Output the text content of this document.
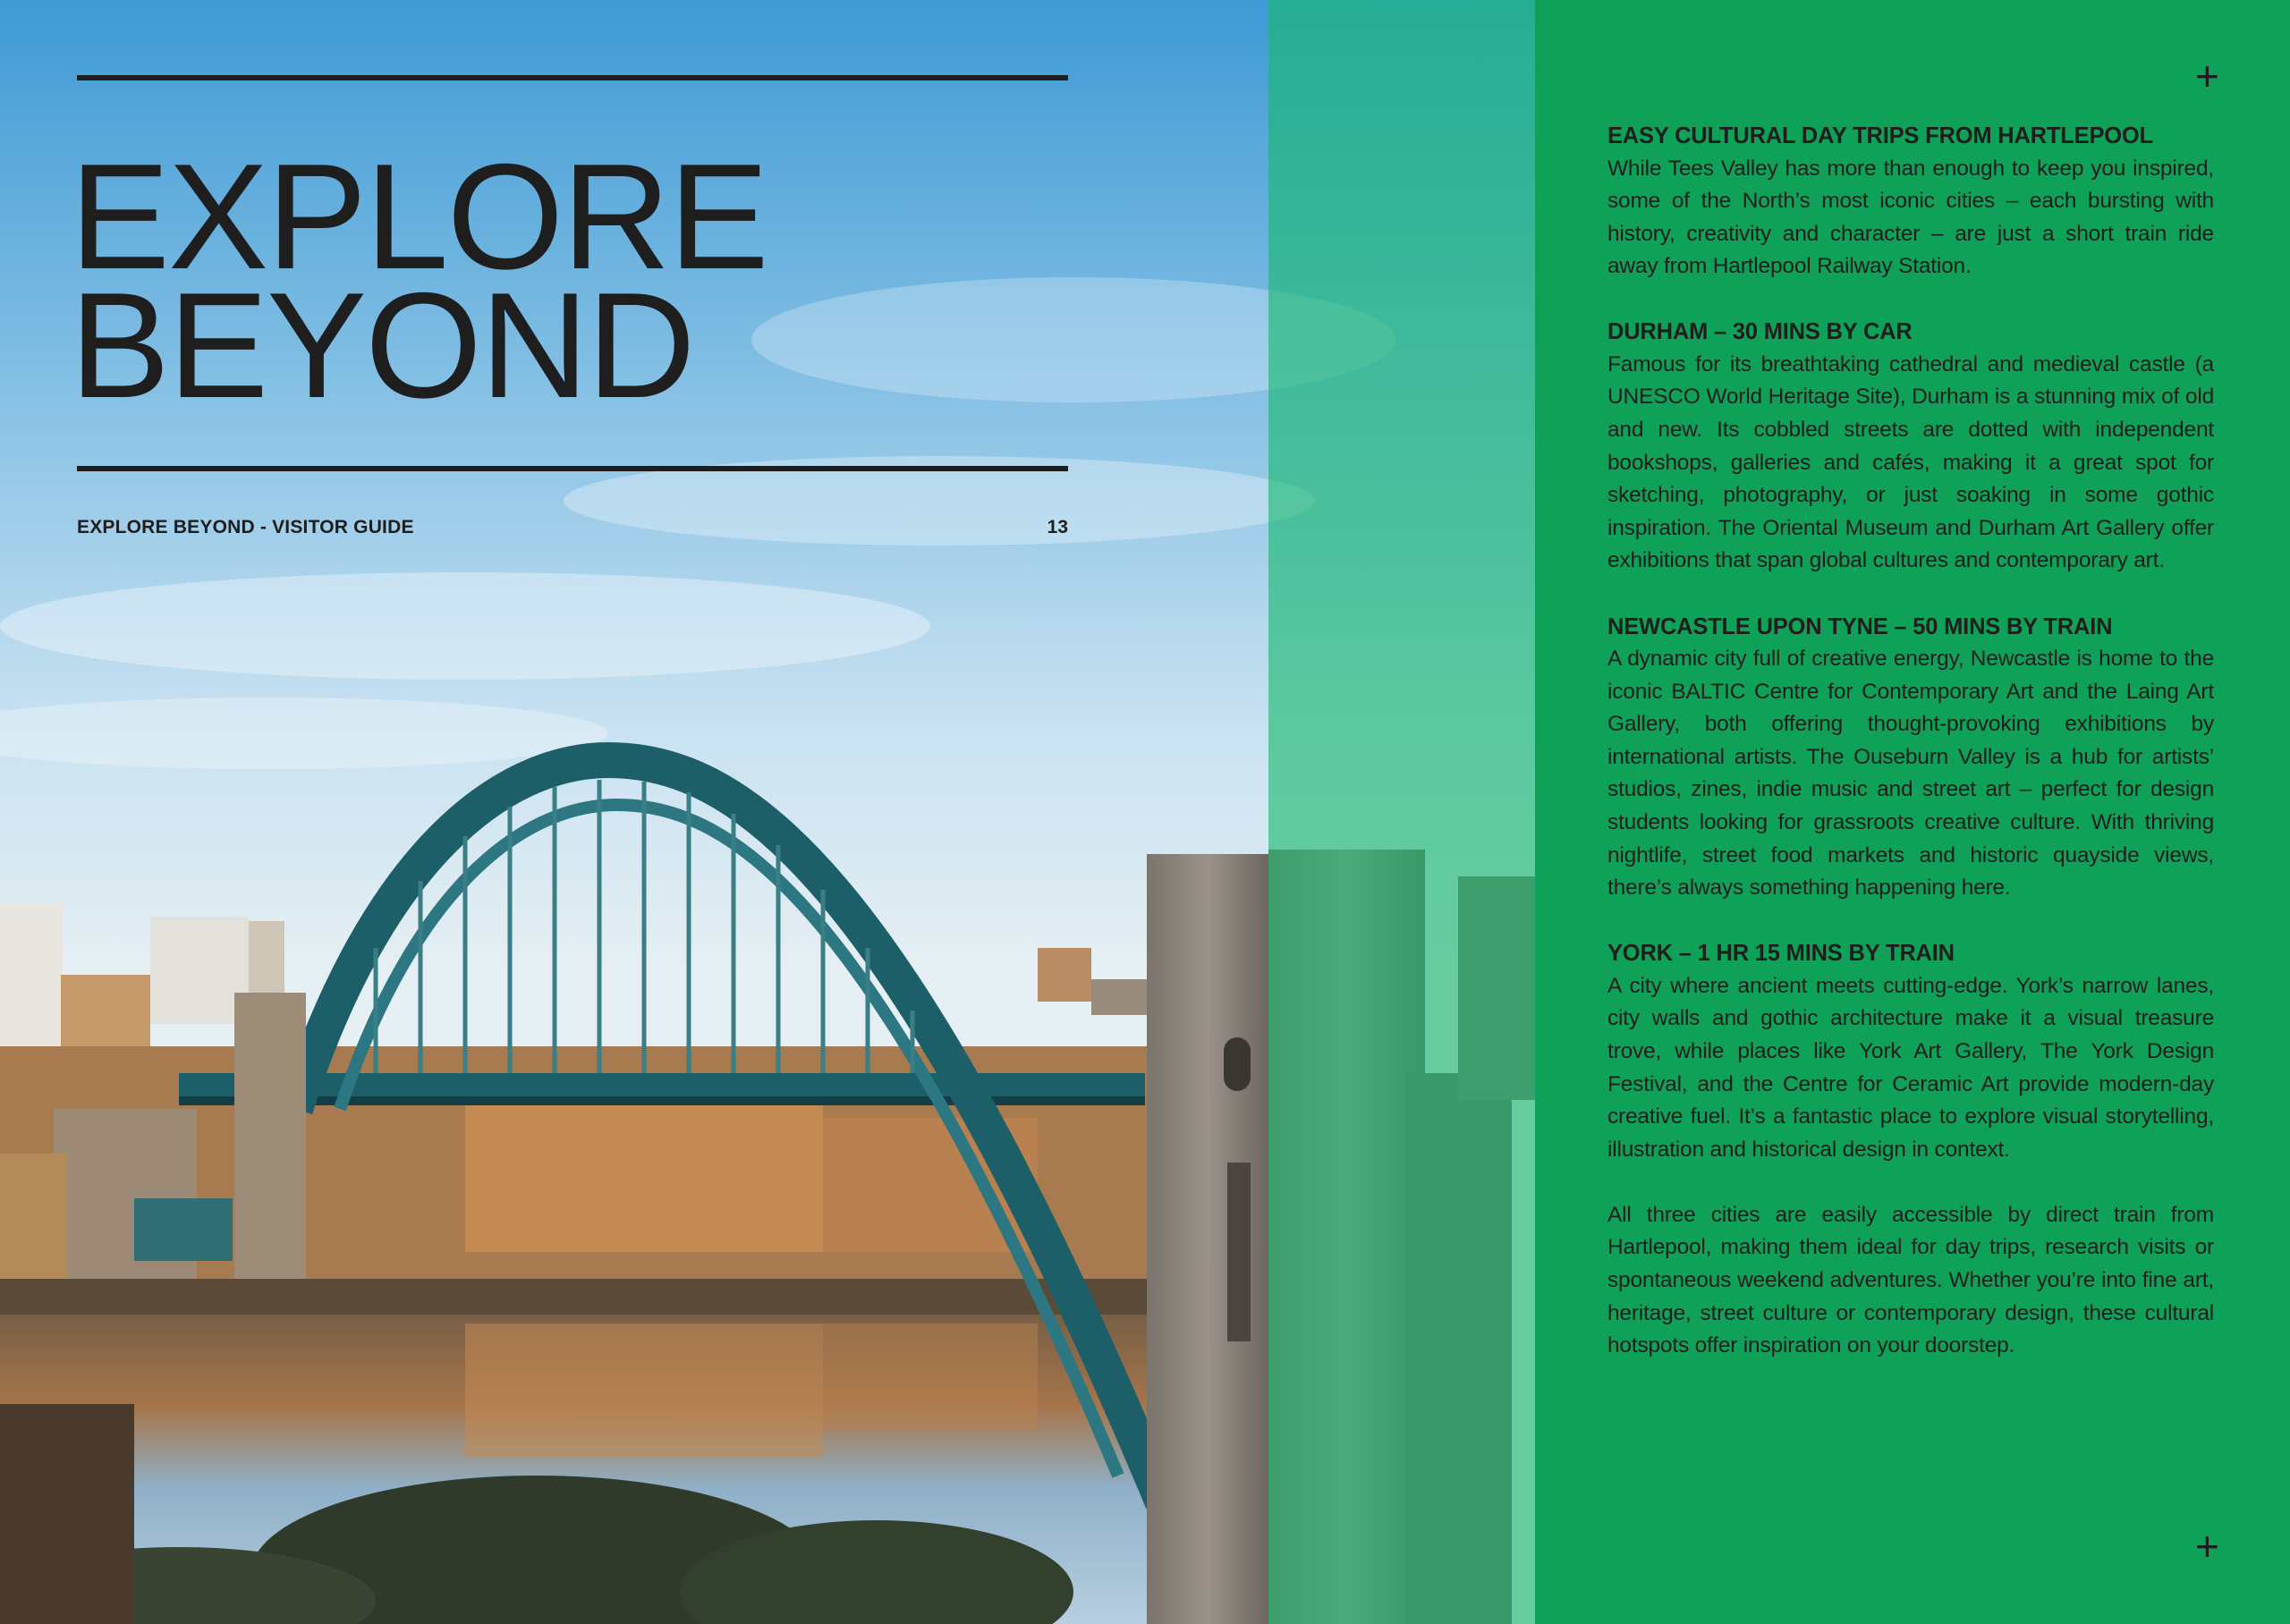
EXPLORE
BEYOND
EXPLORE BEYOND - VISITOR GUIDE	13
+
+

EASY CULTURAL DAY TRIPS FROM HARTLEPOOL

While Tees Valley has more than enough to keep you inspired, some of the North’s most iconic cities – each bursting with history, creativity and character – are just a short train ride away from Hartlepool Railway Station.

DURHAM – 30 MINS BY CAR

Famous for its breathtaking cathedral and medieval castle (a UNESCO World Heritage Site), Durham is a stunning mix of old and new. Its cobbled streets are dotted with independent bookshops, galleries and cafés, making it a great spot for sketching, photography, or just soaking in some gothic inspiration. The Oriental Museum and Durham Art Gallery offer exhibitions that span global cultures and contemporary art.

NEWCASTLE UPON TYNE – 50 MINS BY TRAIN

A dynamic city full of creative energy, Newcastle is home to the iconic BALTIC Centre for Contemporary Art and the Laing Art Gallery, both offering thought-provoking exhibitions by international artists. The Ouseburn Valley is a hub for artists’ studios, zines, indie music and street art – perfect for design students looking for grassroots creative culture. With thriving nightlife, street food markets and historic quayside views, there’s always something happening here.

YORK – 1 HR 15 MINS BY TRAIN

A city where ancient meets cutting-edge. York’s narrow lanes, city walls and gothic architecture make it a visual treasure trove, while places like York Art Gallery, The York Design Festival, and the Centre for Ceramic Art provide modern-day creative fuel. It’s a fantastic place to explore visual storytelling, illustration and historical design in context.

All three cities are easily accessible by direct train from Hartlepool, making them ideal for day trips, research visits or spontaneous weekend adventures. Whether you’re into fine art, heritage, street culture or contemporary design, these cultural hotspots offer inspiration on your doorstep.
